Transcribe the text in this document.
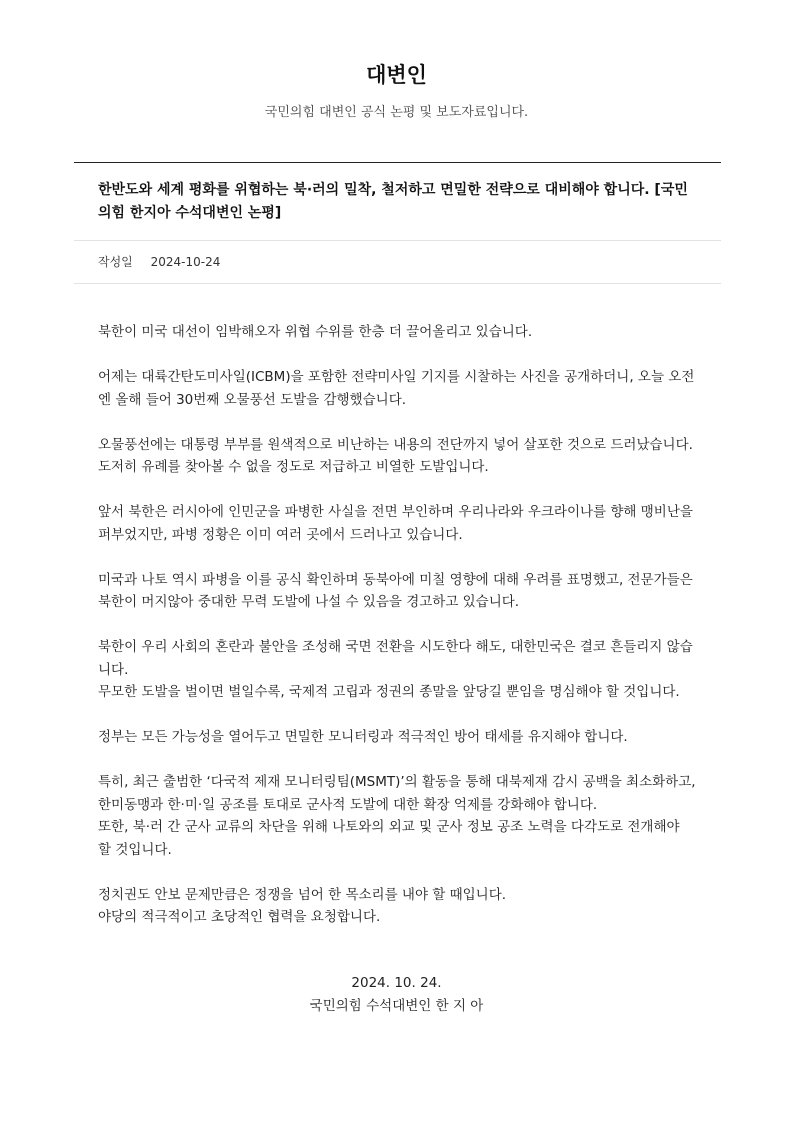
대변인
국민의힘 대변인 공식 논평 및 보도자료입니다.
한반도와 세계 평화를 위협하는 북·러의 밀착, 철저하고 면밀한 전략으로 대비해야 합니다. [국민의힘 한지아 수석대변인 논평]
작성일 2024-10-24

북한이 미국 대선이 임박해오자 위협 수위를 한층 더 끌어올리고 있습니다.

어제는 대륙간탄도미사일(ICBM)을 포함한 전략미사일 기지를 시찰하는 사진을 공개하더니, 오늘 오전엔 올해 들어 30번째 오물풍선 도발을 감행했습니다.

오물풍선에는 대통령 부부를 원색적으로 비난하는 내용의 전단까지 넣어 살포한 것으로 드러났습니다. 도저히 유례를 찾아볼 수 없을 정도로 저급하고 비열한 도발입니다.

앞서 북한은 러시아에 인민군을 파병한 사실을 전면 부인하며 우리나라와 우크라이나를 향해 맹비난을 퍼부었지만, 파병 정황은 이미 여러 곳에서 드러나고 있습니다.

미국과 나토 역시 파병을 이를 공식 확인하며 동북아에 미칠 영향에 대해 우려를 표명했고, 전문가들은 북한이 머지않아 중대한 무력 도발에 나설 수 있음을 경고하고 있습니다.

북한이 우리 사회의 혼란과 불안을 조성해 국면 전환을 시도한다 해도, 대한민국은 결코 흔들리지 않습니다.
무모한 도발을 벌이면 벌일수록, 국제적 고립과 정권의 종말을 앞당길 뿐임을 명심해야 할 것입니다.

정부는 모든 가능성을 열어두고 면밀한 모니터링과 적극적인 방어 태세를 유지해야 합니다.

특히, 최근 출범한 ‘다국적 제재 모니터링팀(MSMT)’의 활동을 통해 대북제재 감시 공백을 최소화하고, 한미동맹과 한·미·일 공조를 토대로 군사적 도발에 대한 확장 억제를 강화해야 합니다.
또한, 북·러 간 군사 교류의 차단을 위해 나토와의 외교 및 군사 정보 공조 노력을 다각도로 전개해야 할 것입니다.

정치권도 안보 문제만큼은 정쟁을 넘어 한 목소리를 내야 할 때입니다.
야당의 적극적이고 초당적인 협력을 요청합니다.

2024. 10. 24.
국민의힘 수석대변인 한 지 아
